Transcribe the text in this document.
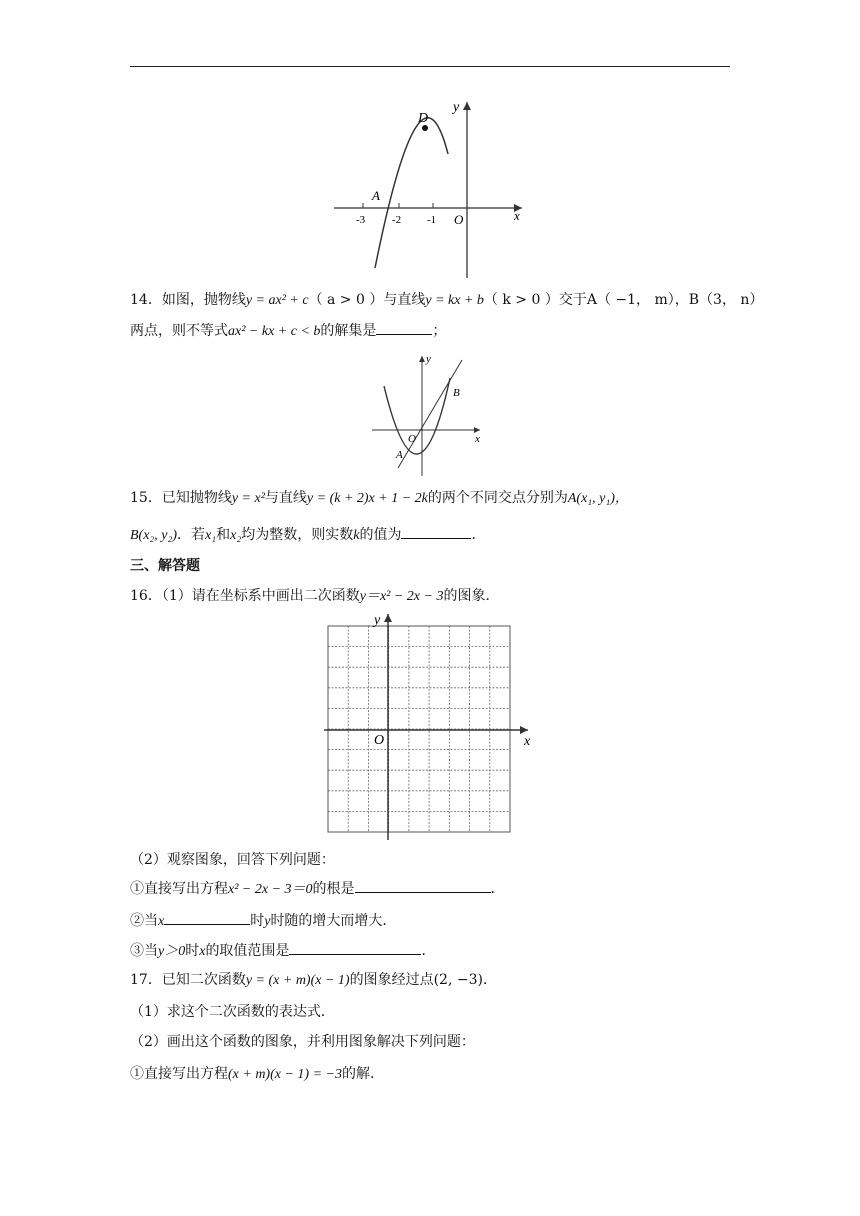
D
A
O	x
y
-3 -2 -1
14．如图，抛物线y = ax² + c（ a > 0 ）与直线y = kx + b（ k > 0 ）交于A（ −1， m），B（3， n）
两点，则不等式ax² − kx + c < b的解集是	；
B
A
O	x
y
15．已知抛物线y = x²与直线y = (k + 2)x + 1 − 2k的两个不同交点分别为A(x₁, y₁)，
B(x₂, y₂)．若x₁和x₂均为整数，则实数k的值为	．
三、解答题
16．（1）请在坐标系中画出二次函数y＝x² − 2x − 3的图象．
O	x
y
（2）观察图象，回答下列问题：
①直接写出方程x² − 2x − 3＝0的根是	．
②当x	时y时随的增大而增大．
③当y＞0时x的取值范围是	．
17．已知二次函数y = (x + m)(x − 1)的图象经过点(2, −3)．
（1）求这个二次函数的表达式．
（2）画出这个函数的图象，并利用图象解决下列问题：
①直接写出方程(x + m)(x − 1) = −3的解．
